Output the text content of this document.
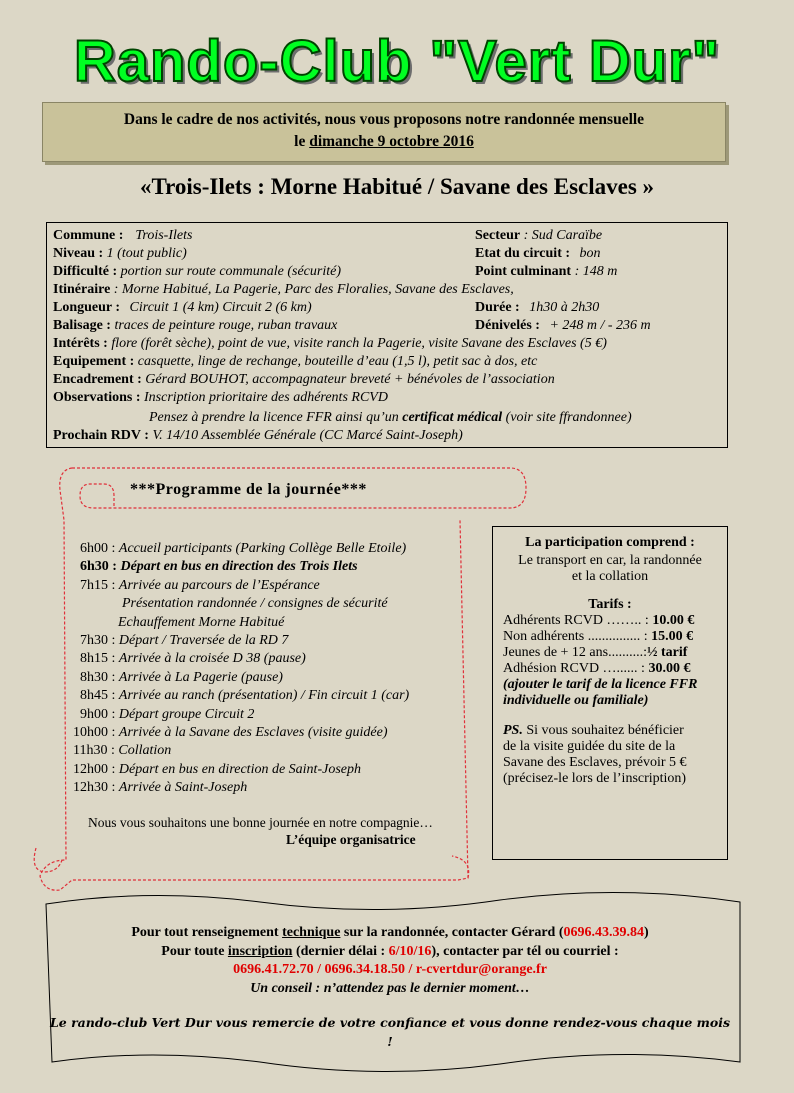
Rando-Club "Vert Dur"
Dans le cadre de nos activités, nous vous proposons notre randonnée mensuelle
le dimanche 9 octobre 2016
«Trois-Ilets : Morne Habitué / Savane des Esclaves »
Commune : Trois-Ilets	Secteur : Sud Caraïbe
Niveau : 1 (tout public)	Etat du circuit : bon
Difficulté : portion sur route communale (sécurité)	Point culminant : 148 m
Itinéraire : Morne Habitué, La Pagerie, Parc des Floralies, Savane des Esclaves,
Longueur : Circuit 1 (4 km) Circuit 2 (6 km)	Durée : 1h30 à 2h30
Balisage : traces de peinture rouge, ruban travaux	Dénivelés : + 248 m / - 236 m
Intérêts : flore (forêt sèche), point de vue, visite ranch la Pagerie, visite Savane des Esclaves (5 €)
Equipement : casquette, linge de rechange, bouteille d’eau (1,5 l), petit sac à dos, etc
Encadrement : Gérard BOUHOT, accompagnateur breveté + bénévoles de l’association
Observations : Inscription prioritaire des adhérents RCVD
Pensez à prendre la licence FFR ainsi qu’un certificat médical (voir site ffrandonnee)
Prochain RDV : V. 14/10 Assemblée Générale (CC Marcé Saint-Joseph)
***Programme de la journée***
6h00 : Accueil participants (Parking Collège Belle Etoile)
6h30 : Départ en bus en direction des Trois Ilets
7h15 : Arrivée au parcours de l’Espérance
Présentation randonnée / consignes de sécurité
Echauffement Morne Habitué
7h30 : Départ / Traversée de la RD 7
8h15 : Arrivée à la croisée D 38 (pause)
8h30 : Arrivée à La Pagerie (pause)
8h45 : Arrivée au ranch (présentation) / Fin circuit 1 (car)
9h00 : Départ groupe Circuit 2
10h00 : Arrivée à la Savane des Esclaves (visite guidée)
11h30 : Collation
12h00 : Départ en bus en direction de Saint-Joseph
12h30 : Arrivée à Saint-Joseph
Nous vous souhaitons une bonne journée en notre compagnie…
L’équipe organisatrice
La participation comprend :
Le transport en car, la randonnée
et la collation
Tarifs :
Adhérents RCVD …….. : 10.00 €
Non adhérents ............... : 15.00 €
Jeunes de + 12 ans..........:½ tarif
Adhésion RCVD …...... : 30.00 €
(ajouter le tarif de la licence FFR
individuelle ou familiale)
PS. Si vous souhaitez bénéficier
de la visite guidée du site de la
Savane des Esclaves, prévoir 5 €
(précisez-le lors de l’inscription)
Pour tout renseignement technique sur la randonnée, contacter Gérard (0696.43.39.84)
Pour toute inscription (dernier délai : 6/10/16), contacter par tél ou courriel :
0696.41.72.70 / 0696.34.18.50 / r-cvertdur@orange.fr
Un conseil : n’attendez pas le dernier moment…
Le rando-club Vert Dur vous remercie de votre confiance et vous donne rendez-vous chaque mois !
